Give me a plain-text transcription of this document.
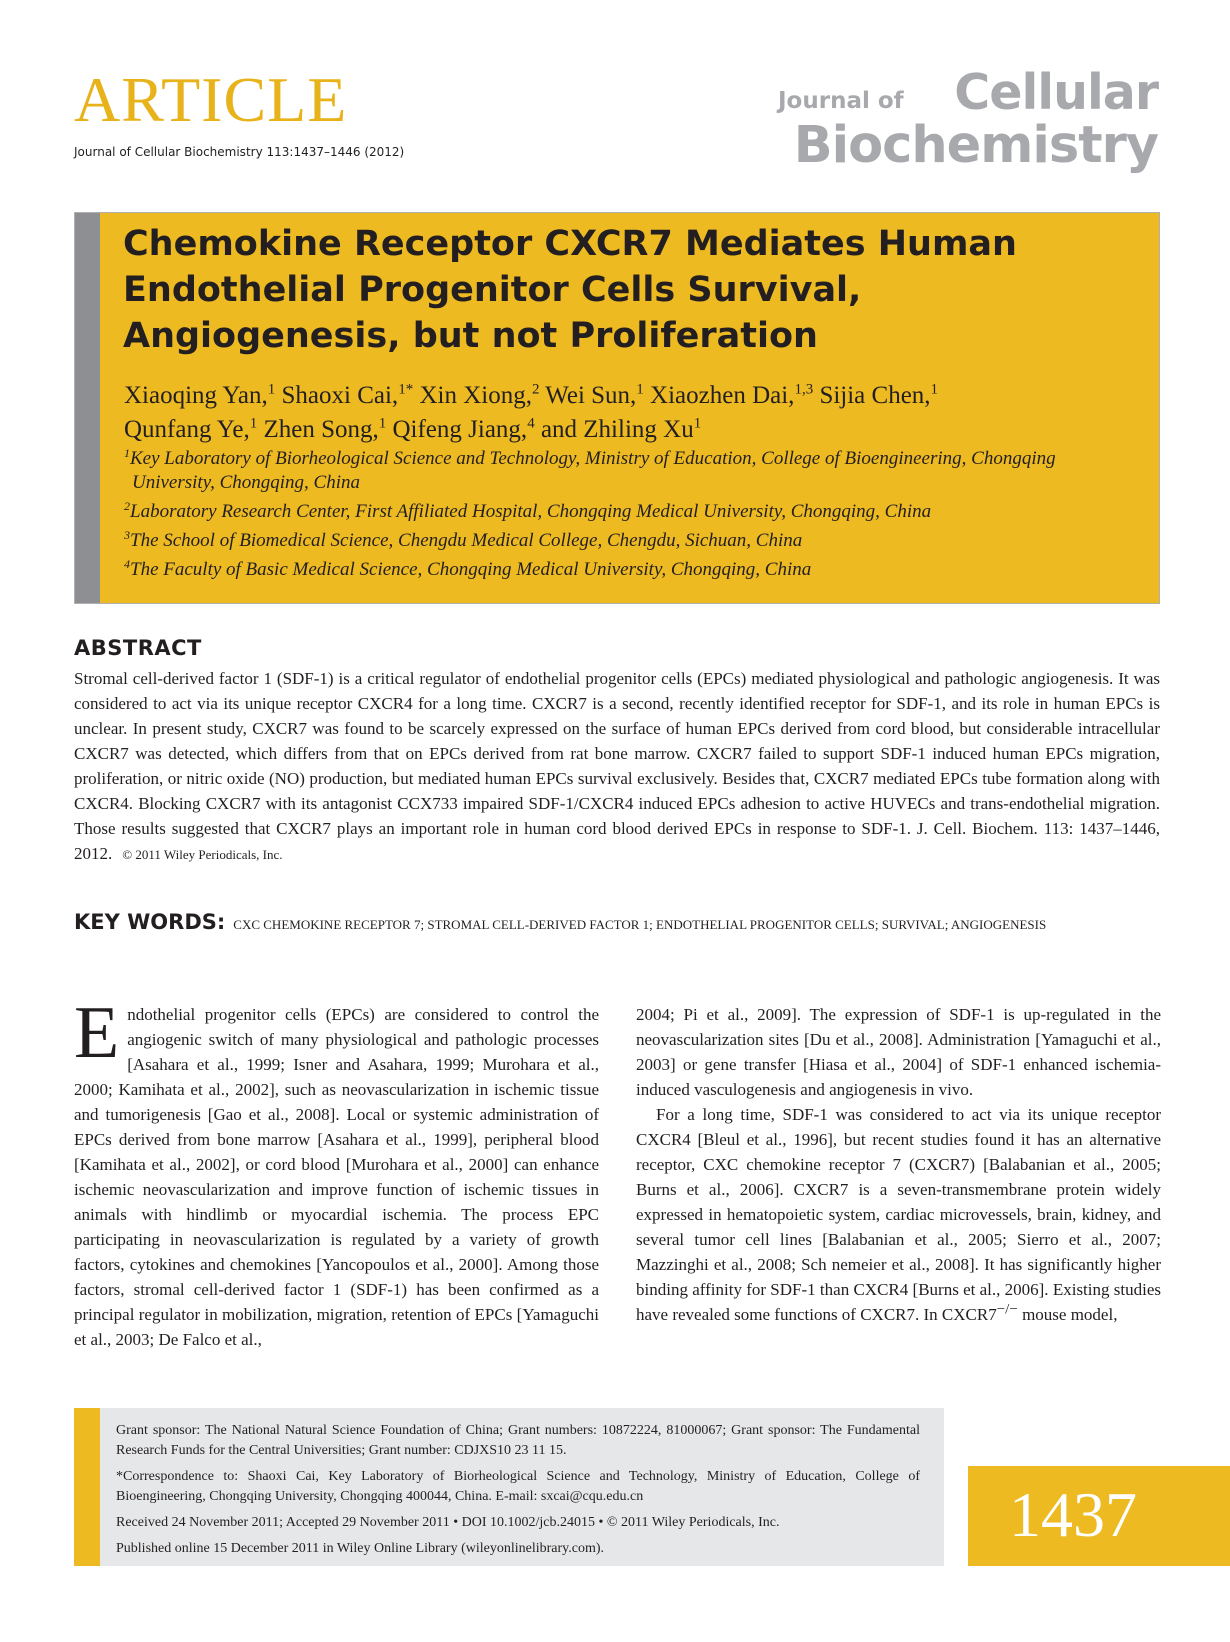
ARTICLE
Journal of Cellular Biochemistry 113:1437–1446 (2012)
Journal of Cellular
Biochemistry
Chemokine Receptor CXCR7 Mediates Human Endothelial Progenitor Cells Survival, Angiogenesis, but not Proliferation
Xiaoqing Yan,$^1$ Shaoxi Cai,$^{1*}$ Xin Xiong,$^2$ Wei Sun,$^1$ Xiaozhen Dai,$^{1,3}$ Sijia Chen,$^1$
Qunfang Ye,$^1$ Zhen Song,$^1$ Qifeng Jiang,$^4$ and Zhiling Xu$^1$
$^1$Key Laboratory of Biorheological Science and Technology, Ministry of Education, College of Bioengineering, Chongqing University, Chongqing, China
$^2$Laboratory Research Center, First Affiliated Hospital, Chongqing Medical University, Chongqing, China
$^3$The School of Biomedical Science, Chengdu Medical College, Chengdu, Sichuan, China
$^4$The Faculty of Basic Medical Science, Chongqing Medical University, Chongqing, China
ABSTRACT

Stromal cell-derived factor 1 (SDF-1) is a critical regulator of endothelial progenitor cells (EPCs) mediated physiological and pathologic angiogenesis. It was considered to act via its unique receptor CXCR4 for a long time. CXCR7 is a second, recently identified receptor for SDF-1, and its role in human EPCs is unclear. In present study, CXCR7 was found to be scarcely expressed on the surface of human EPCs derived from cord blood, but considerable intracellular CXCR7 was detected, which differs from that on EPCs derived from rat bone marrow. CXCR7 failed to support SDF-1 induced human EPCs migration, proliferation, or nitric oxide (NO) production, but mediated human EPCs survival exclusively. Besides that, CXCR7 mediated EPCs tube formation along with CXCR4. Blocking CXCR7 with its antagonist CCX733 impaired SDF-1/CXCR4 induced EPCs adhesion to active HUVECs and trans-endothelial migration. Those results suggested that CXCR7 plays an important role in human cord blood derived EPCs in response to SDF-1. J. Cell. Biochem. 113: 1437–1446, 2012. © 2011 Wiley Periodicals, Inc.

KEY WORDS: CXC CHEMOKINE RECEPTOR 7; STROMAL CELL-DERIVED FACTOR 1; ENDOTHELIAL PROGENITOR CELLS; SURVIVAL; ANGIOGENESIS

Endothelial progenitor cells (EPCs) are considered to control the angiogenic switch of many physiological and pathologic processes [Asahara et al., 1999; Isner and Asahara, 1999; Murohara et al., 2000; Kamihata et al., 2002], such as neovascularization in ischemic tissue and tumorigenesis [Gao et al., 2008]. Local or systemic administration of EPCs derived from bone marrow [Asahara et al., 1999], peripheral blood [Kamihata et al., 2002], or cord blood [Murohara et al., 2000] can enhance ischemic neovascularization and improve function of ischemic tissues in animals with hindlimb or myocardial ischemia. The process EPC participating in neovascularization is regulated by a variety of growth factors, cytokines and chemokines [Yancopoulos et al., 2000]. Among those factors, stromal cell-derived factor 1 (SDF-1) has been confirmed as a principal regulator in mobilization, migration, retention of EPCs [Yamaguchi et al., 2003; De Falco et al.,

2004; Pi et al., 2009]. The expression of SDF-1 is up-regulated in the neovascularization sites [Du et al., 2008]. Administration [Yamaguchi et al., 2003] or gene transfer [Hiasa et al., 2004] of SDF-1 enhanced ischemia-induced vasculogenesis and angiogenesis in vivo.

For a long time, SDF-1 was considered to act via its unique receptor CXCR4 [Bleul et al., 1996], but recent studies found it has an alternative receptor, CXC chemokine receptor 7 (CXCR7) [Balabanian et al., 2005; Burns et al., 2006]. CXCR7 is a seven-transmembrane protein widely expressed in hematopoietic system, cardiac microvessels, brain, kidney, and several tumor cell lines [Balabanian et al., 2005; Sierro et al., 2007; Mazzinghi et al., 2008; Sch nemeier et al., 2008]. It has significantly higher binding affinity for SDF-1 than CXCR4 [Burns et al., 2006]. Existing studies have revealed some functions of CXCR7. In CXCR7−/− mouse model,

Grant sponsor: The National Natural Science Foundation of China; Grant numbers: 10872224, 81000067; Grant sponsor: The Fundamental Research Funds for the Central Universities; Grant number: CDJXS10 23 11 15.

*Correspondence to: Shaoxi Cai, Key Laboratory of Biorheological Science and Technology, Ministry of Education, College of Bioengineering, Chongqing University, Chongqing 400044, China. E-mail: sxcai@cqu.edu.cn

Received 24 November 2011; Accepted 29 November 2011 • DOI 10.1002/jcb.24015 • © 2011 Wiley Periodicals, Inc.

Published online 15 December 2011 in Wiley Online Library (wileyonlinelibrary.com).	1437
